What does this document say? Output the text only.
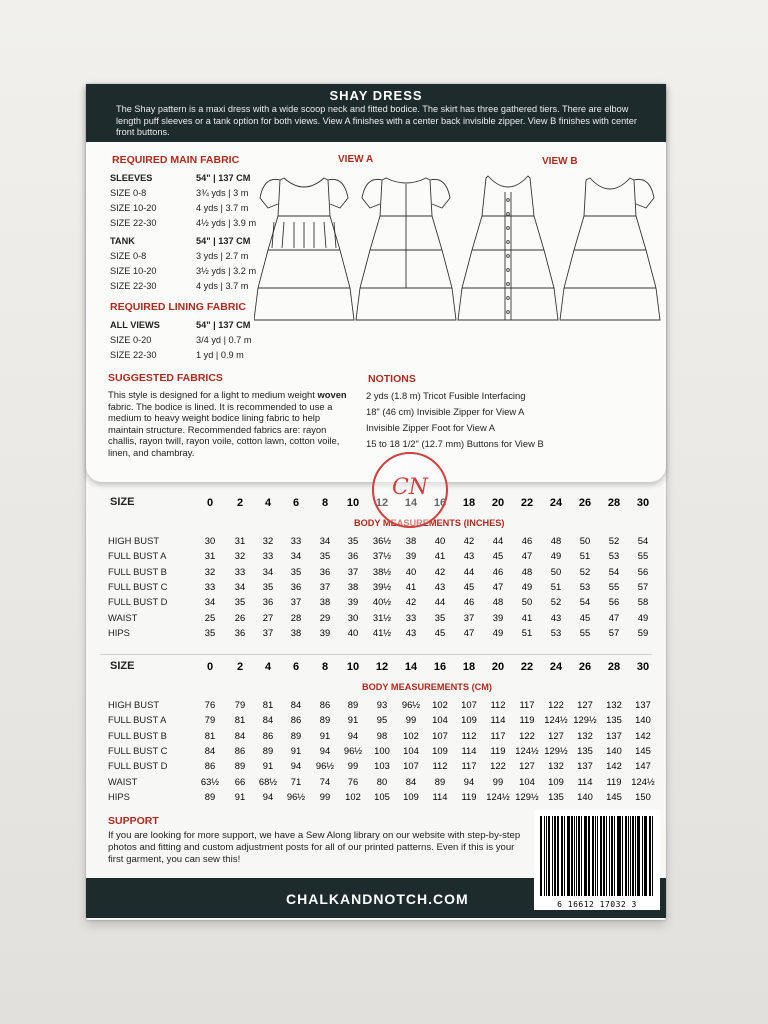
SIZE	0	2	4	6	8	10	12	14	16	18	20	22	24	26	28	30
BODY MEASUREMENTS (INCHES)
HIGH BUST	30	31	32	33	34	35	36½	38	40	42	44	46	48	50	52	54
FULL BUST A	31	32	33	34	35	36	37½	39	41	43	45	47	49	51	53	55
FULL BUST B	32	33	34	35	36	37	38½	40	42	44	46	48	50	52	54	56
FULL BUST C	33	34	35	36	37	38	39½	41	43	45	47	49	51	53	55	57
FULL BUST D	34	35	36	37	38	39	40½	42	44	46	48	50	52	54	56	58
WAIST	25	26	27	28	29	30	31½	33	35	37	39	41	43	45	47	49
HIPS	35	36	37	38	39	40	41½	43	45	47	49	51	53	55	57	59
SIZE	0	2	4	6	8	10	12	14	16	18	20	22	24	26	28	30
BODY MEASUREMENTS (CM)
HIGH BUST	76	79	81	84	86	89	93	96½	102	107	112	117	122	127	132	137
FULL BUST A	79	81	84	86	89	91	95	99	104	109	114	119	124½ 129½	135	140
FULL BUST B	81	84	86	89	91	94	98	102	107	112	117	122	127	132	137	142
FULL BUST C	84	86	89	91	94	96½	100	104	109	114	119	124½ 129½	135	140	145
FULL BUST D	86	89	91	94	96½	99	103	107	112	117	122	127	132	137	142	147
WAIST	63½	66	68½	71	74	76	80	84	89	94	99	104	109	114	119	124½
HIPS	89	91	94	96½	99	102	105	109	114	119	124½ 129½	135	140	145	150
SUPPORT
If you are looking for more support, we have a Sew Along library on our website with step-by-step photos and fitting and custom adjustment posts for all of our printed patterns. Even if this is your first garment, you can sew this!
SHAY DRESS
The Shay pattern is a maxi dress with a wide scoop neck and fitted bodice. The skirt has three gathered tiers. There are elbow length puff sleeves or a tank option for both views. View A finishes with a center back invisible zipper. View B finishes with center front buttons.
REQUIRED MAIN FABRIC
SLEEVES	54" | 137 CM
SIZE 0-8	3¾ yds | 3 m
SIZE 10-20	4 yds | 3.7 m
SIZE 22-30	4½ yds | 3.9 m
TANK	54" | 137 CM
SIZE 0-8	3 yds | 2.7 m
SIZE 10-20	3½ yds | 3.2 m
SIZE 22-30	4 yds | 3.7 m
REQUIRED LINING FABRIC
ALL VIEWS	54" | 137 CM
SIZE 0-20	3/4 yd | 0.7 m
SIZE 22-30	1 yd | 0.9 m
VIEW A	VIEW B
SUGGESTED FABRICS
This style is designed for a light to medium weight woven fabric. The bodice is lined. It is recommended to use a medium to heavy weight bodice lining fabric to help maintain structure. Recommended fabrics are: rayon challis, rayon twill, rayon voile, cotton lawn, cotton voile, linen, and chambray.
NOTIONS
2 yds (1.8 m) Tricot Fusible Interfacing
18" (46 cm) Invisible Zipper for View A
Invisible Zipper Foot for View A
15 to 18 1/2" (12.7 mm) Buttons for View B
CN
CHALKANDNOTCH.COM	6 16612 17032 3
